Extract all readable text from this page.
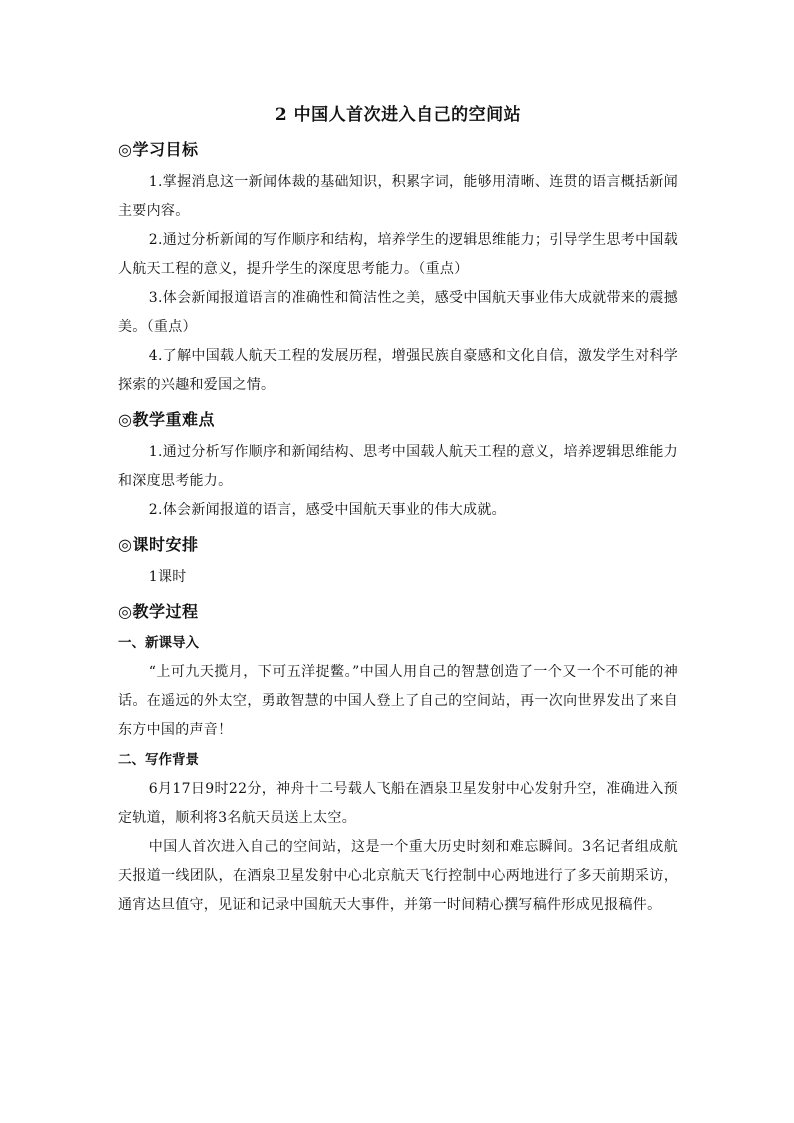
2 中国人首次进入自己的空间站
◎学习目标

1.掌握消息这一新闻体裁的基础知识，积累字词，能够用清晰、连贯的语言概括新闻主要内容。

2.通过分析新闻的写作顺序和结构，培养学生的逻辑思维能力；引导学生思考中国载人航天工程的意义，提升学生的深度思考能力。（重点）

3.体会新闻报道语言的准确性和简洁性之美，感受中国航天事业伟大成就带来的震撼美。（重点）

4.了解中国载人航天工程的发展历程，增强民族自豪感和文化自信，激发学生对科学探索的兴趣和爱国之情。

◎教学重难点

1.通过分析写作顺序和新闻结构、思考中国载人航天工程的意义，培养逻辑思维能力和深度思考能力。

2.体会新闻报道的语言，感受中国航天事业的伟大成就。

◎课时安排

1课时

◎教学过程
一、新课导入

“上可九天揽月，下可五洋捉鳖。”中国人用自己的智慧创造了一个又一个不可能的神话。在遥远的外太空，勇敢智慧的中国人登上了自己的空间站，再一次向世界发出了来自东方中国的声音！

二、写作背景

6月17日9时22分，神舟十二号载人飞船在酒泉卫星发射中心发射升空，准确进入预定轨道，顺利将3名航天员送上太空。

中国人首次进入自己的空间站，这是一个重大历史时刻和难忘瞬间。3名记者组成航天报道一线团队，在酒泉卫星发射中心北京航天飞行控制中心两地进行了多天前期采访，通宵达旦值守，见证和记录中国航天大事件，并第一时间精心撰写稿件形成见报稿件。
